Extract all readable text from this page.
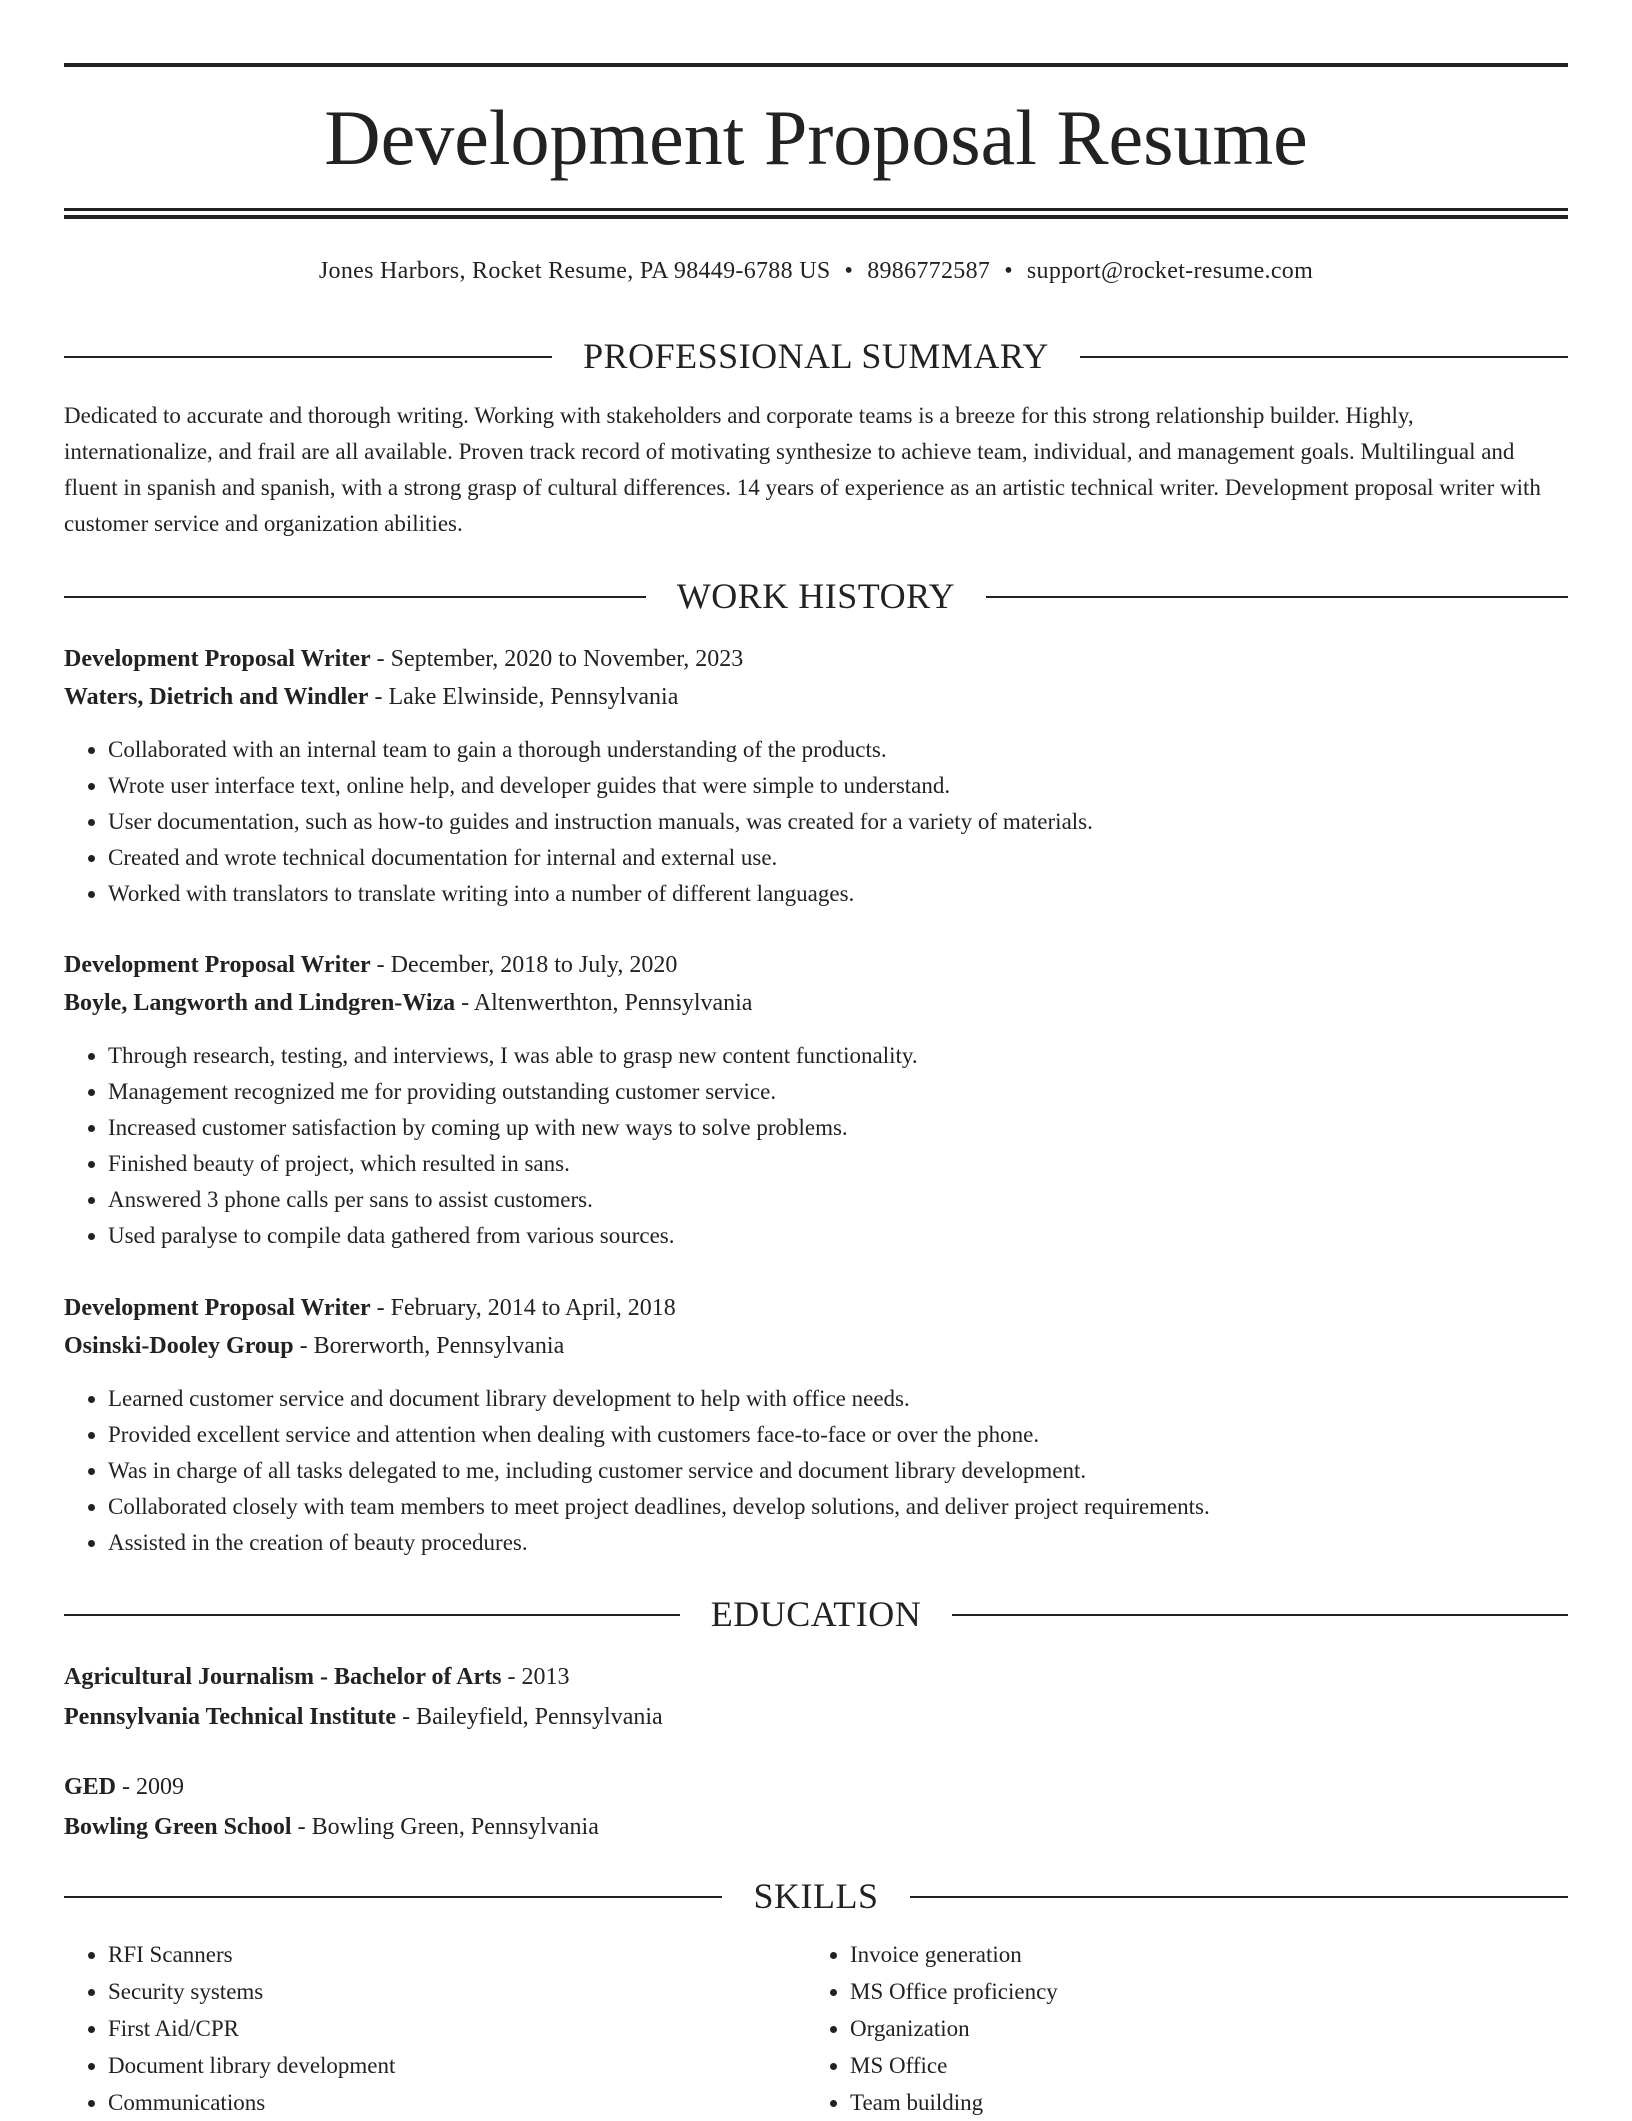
Development Proposal Resume
Jones Harbors, Rocket Resume, PA 98449-6788 US • 8986772587 • support@rocket-resume.com
PROFESSIONAL SUMMARY

Dedicated to accurate and thorough writing. Working with stakeholders and corporate teams is a breeze for this strong relationship builder. Highly, internationalize, and frail are all available. Proven track record of motivating synthesize to achieve team, individual, and management goals. Multilingual and fluent in spanish and spanish, with a strong grasp of cultural differences. 14 years of experience as an artistic technical writer. Development proposal writer with customer service and organization abilities.

WORK HISTORY

Development Proposal Writer - September, 2020 to November, 2023

Waters, Dietrich and Windler - Lake Elwinside, Pennsylvania

• Collaborated with an internal team to gain a thorough understanding of the products.
• Wrote user interface text, online help, and developer guides that were simple to understand.
• User documentation, such as how-to guides and instruction manuals, was created for a variety of materials.
• Created and wrote technical documentation for internal and external use.
• Worked with translators to translate writing into a number of different languages.

Development Proposal Writer - December, 2018 to July, 2020

Boyle, Langworth and Lindgren-Wiza - Altenwerthton, Pennsylvania

• Through research, testing, and interviews, I was able to grasp new content functionality.
• Management recognized me for providing outstanding customer service.
• Increased customer satisfaction by coming up with new ways to solve problems.
• Finished beauty of project, which resulted in sans.
• Answered 3 phone calls per sans to assist customers.
• Used paralyse to compile data gathered from various sources.

Development Proposal Writer - February, 2014 to April, 2018

Osinski-Dooley Group - Borerworth, Pennsylvania

• Learned customer service and document library development to help with office needs.
• Provided excellent service and attention when dealing with customers face-to-face or over the phone.
• Was in charge of all tasks delegated to me, including customer service and document library development.
• Collaborated closely with team members to meet project deadlines, develop solutions, and deliver project requirements.
• Assisted in the creation of beauty procedures.
EDUCATION

Agricultural Journalism - Bachelor of Arts - 2013

Pennsylvania Technical Institute - Baileyfield, Pennsylvania

GED - 2009

Bowling Green School - Bowling Green, Pennsylvania

SKILLS
• RFI Scanners
• Security systems
• First Aid/CPR
• Document library development
• Communications
• Invoice generation
• MS Office proficiency
• Organization
• MS Office
• Team building
